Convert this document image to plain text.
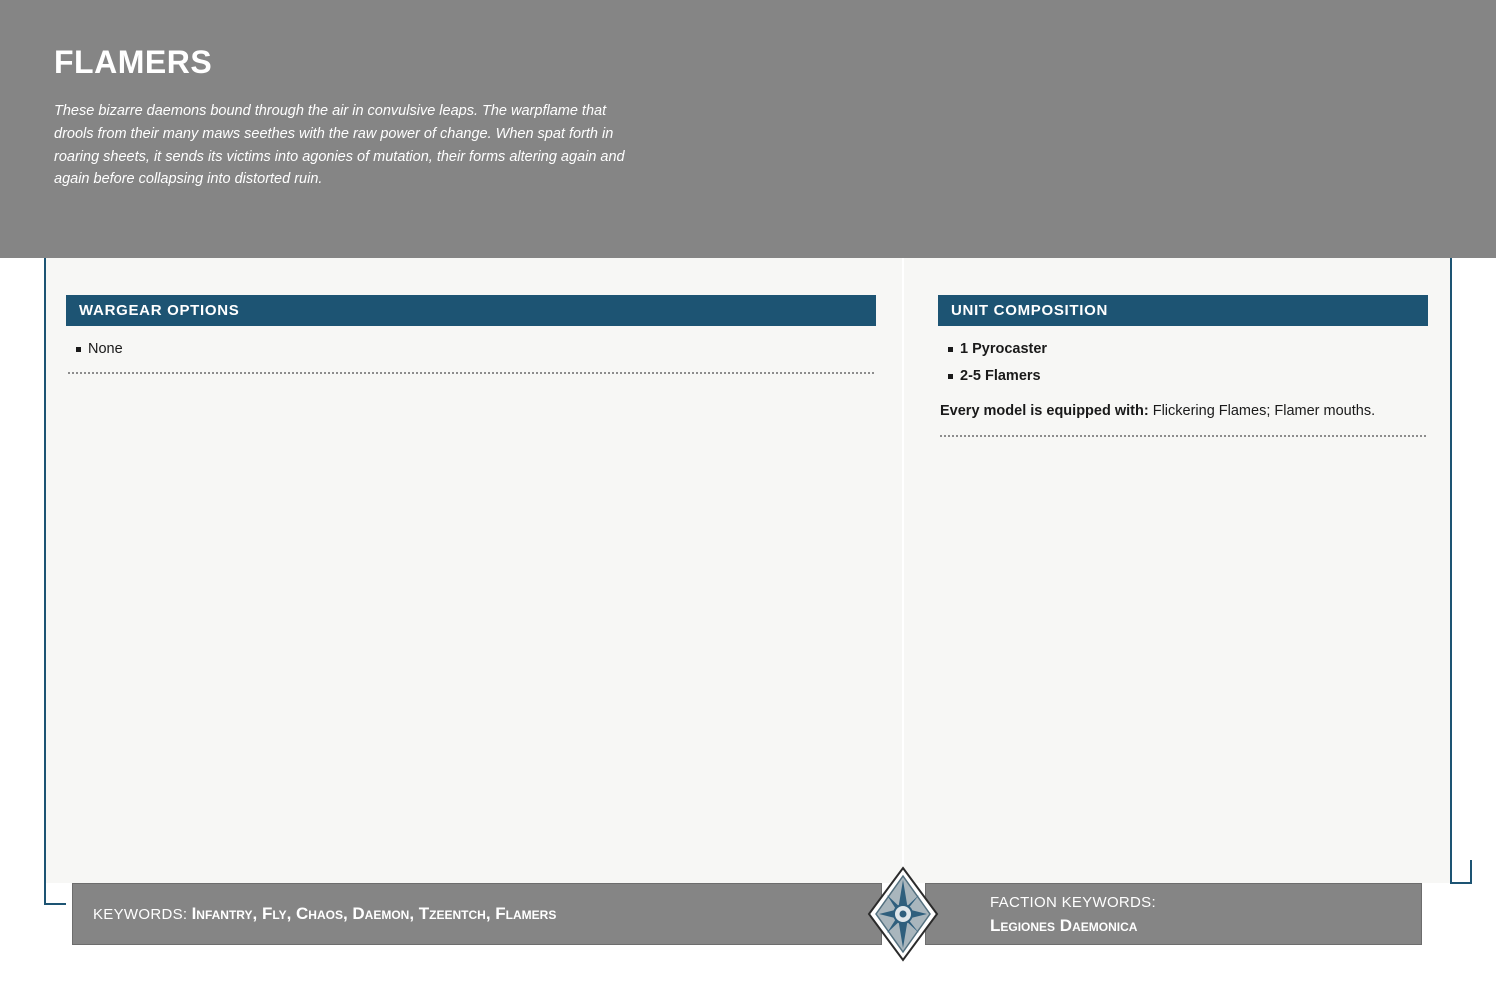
FLAMERS
These bizarre daemons bound through the air in convulsive leaps. The warpflame that drools from their many maws seethes with the raw power of change. When spat forth in roaring sheets, it sends its victims into agonies of mutation, their forms altering again and again before collapsing into distorted ruin.
WARGEAR OPTIONS
None
UNIT COMPOSITION
1 Pyrocaster
2-5 Flamers
Every model is equipped with: Flickering Flames; Flamer mouths.
KEYWORDS: Infantry, Fly, Chaos, Daemon, Tzeentch, Flamers
FACTION KEYWORDS:
Legiones Daemonica
